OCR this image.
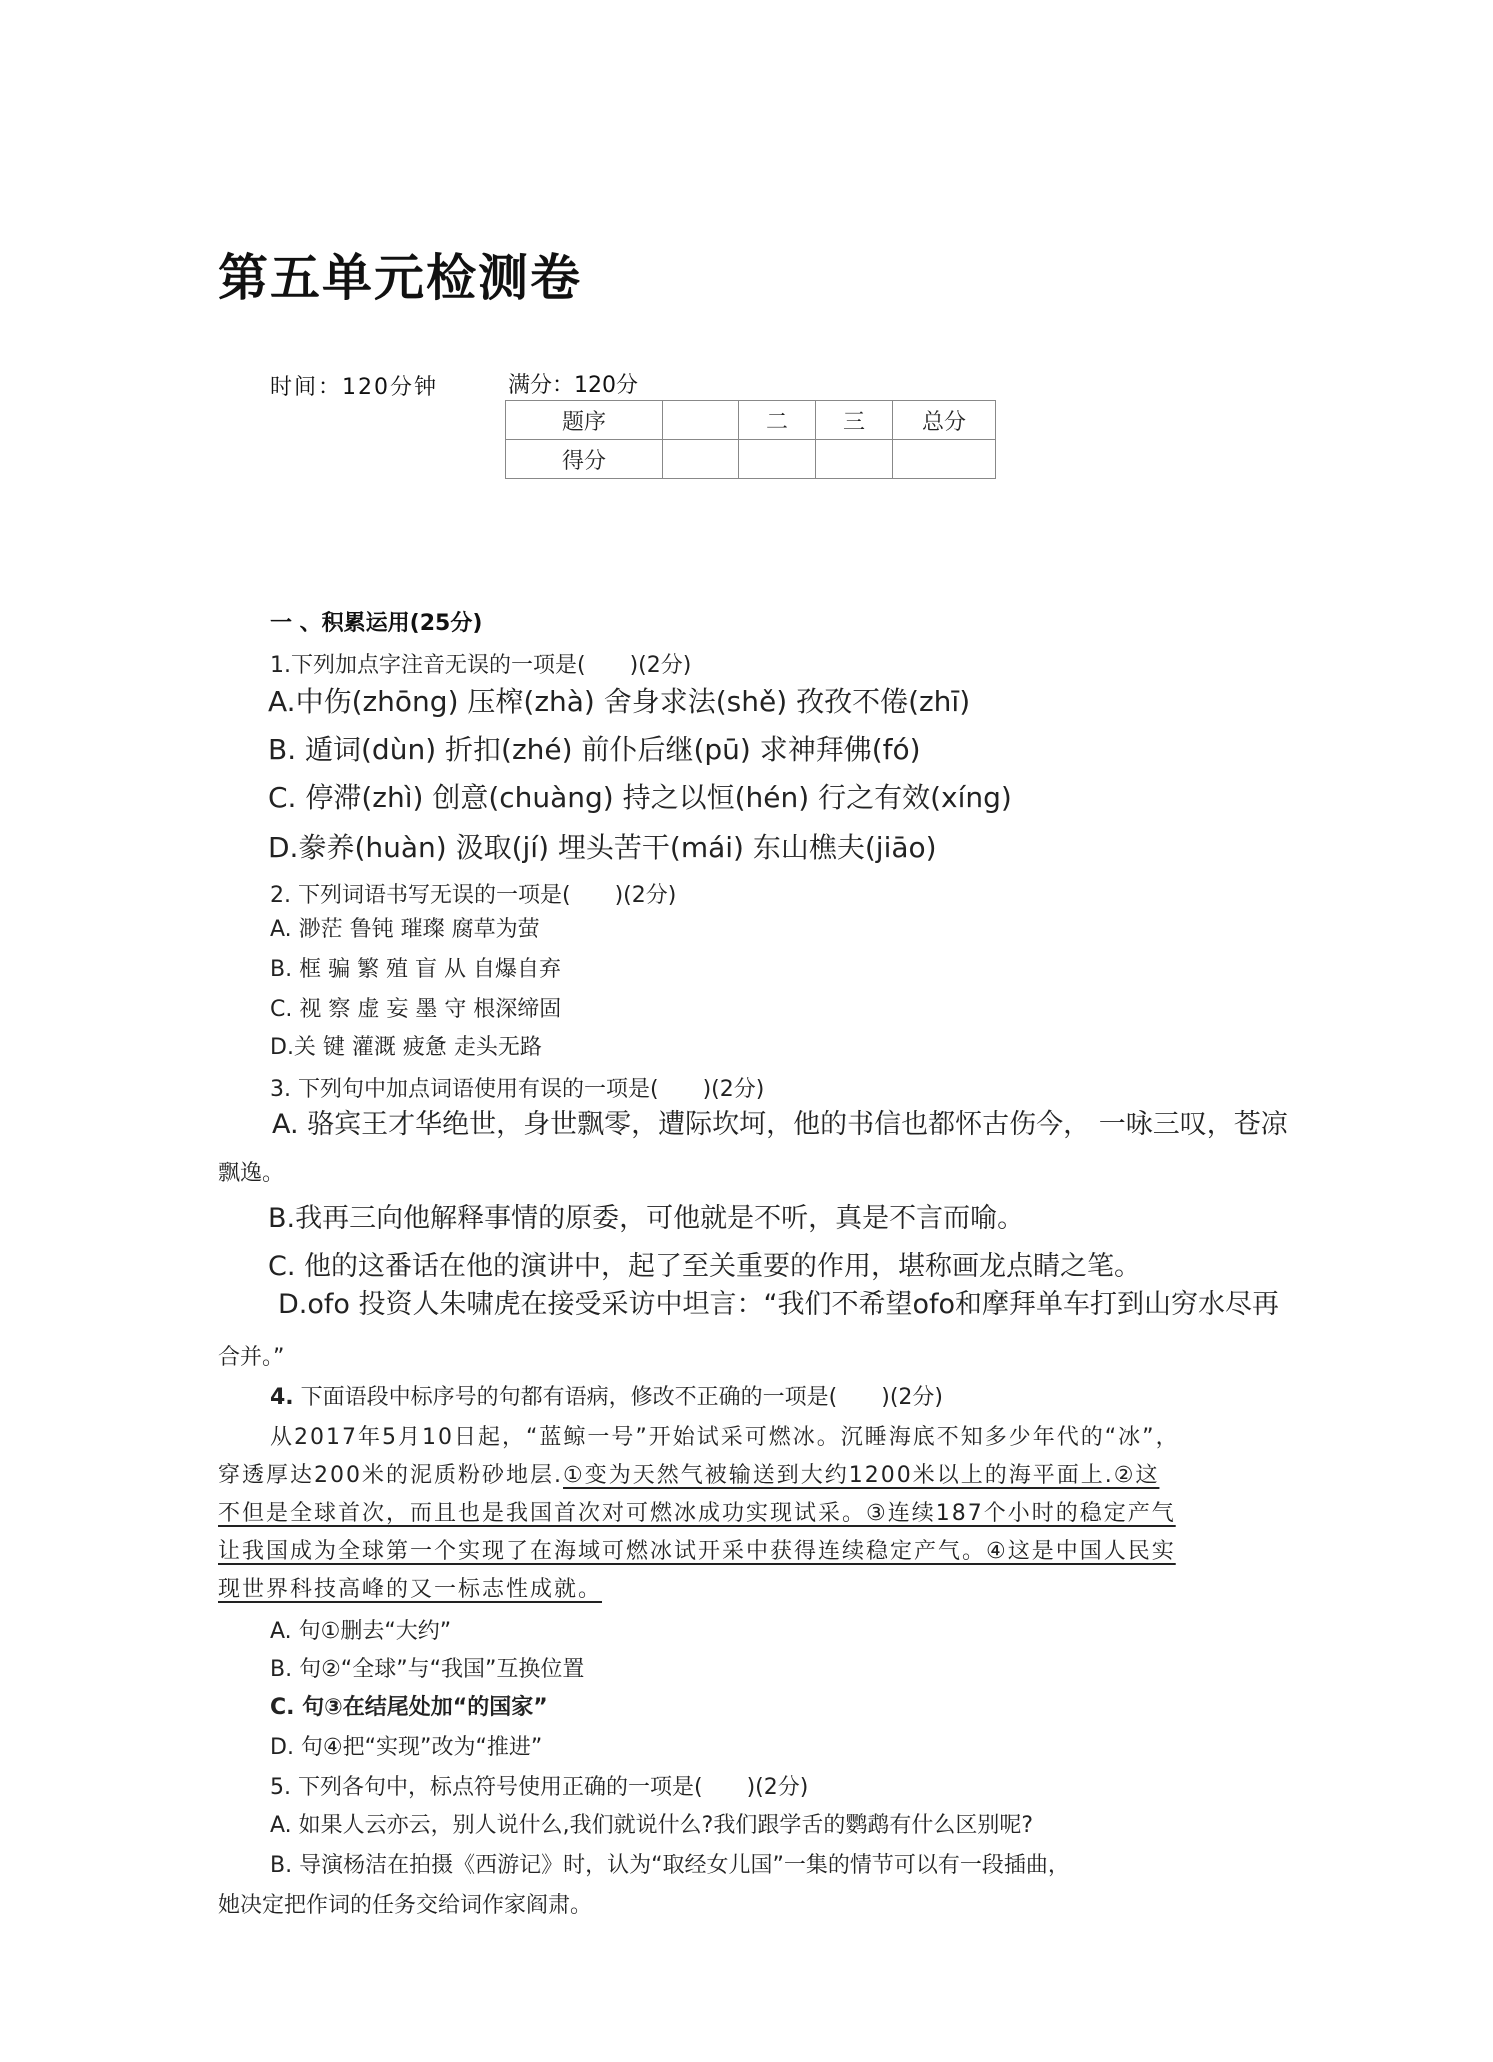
第五单元检测卷
时间：120分钟	满分：120分
题序		二	三	总分
得分				
一 、积累运用(25分)
1.下列加点字注音无误的一项是(　　)(2分)
A.中伤(zhōng) 压榨(zhà) 舍身求法(shě) 孜孜不倦(zhī)
B. 遁词(dùn) 折扣(zhé) 前仆后继(pū) 求神拜佛(fó)
C. 停滞(zhì) 创意(chuàng) 持之以恒(hén) 行之有效(xíng)
D.豢养(huàn) 汲取(jí) 埋头苦干(mái) 东山樵夫(jiāo)
2. 下列词语书写无误的一项是(　　)(2分)
A. 渺茫 鲁钝 璀璨 腐草为萤
B. 框 骗 繁 殖 盲 从 自爆自弃
C. 视 察 虚 妄 墨 守 根深缔固
D.关 键 灌溉 疲惫 走头无路
3. 下列句中加点词语使用有误的一项是(　　)(2分)
A. 骆宾王才华绝世，身世飘零，遭际坎坷，他的书信也都怀古伤今， 一咏三叹，苍凉
飘逸。
B.我再三向他解释事情的原委，可他就是不听，真是不言而喻。
C. 他的这番话在他的演讲中，起了至关重要的作用，堪称画龙点睛之笔。
D.ofo 投资人朱啸虎在接受采访中坦言：“我们不希望ofo和摩拜单车打到山穷水尽再
合并。”
4. 下面语段中标序号的句都有语病，修改不正确的一项是(　　)(2分)
从2017年5月10日起，“蓝鲸一号”开始试采可燃冰。沉睡海底不知多少年代的“冰”，
穿透厚达200米的泥质粉砂地层.①变为天然气被输送到大约1200米以上的海平面上.②这
不但是全球首次，而且也是我国首次对可燃冰成功实现试采。③连续187个小时的稳定产气
让我国成为全球第一个实现了在海域可燃冰试开采中获得连续稳定产气。④这是中国人民实
现世界科技高峰的又一标志性成就。
A. 句①删去“大约”
B. 句②“全球”与“我国”互换位置
C. 句③在结尾处加“的国家”
D. 句④把“实现”改为“推进”
5. 下列各句中，标点符号使用正确的一项是(　　)(2分)
A. 如果人云亦云，别人说什么,我们就说什么?我们跟学舌的鹦鹉有什么区别呢?
B. 导演杨洁在拍摄《西游记》时，认为“取经女儿国”一集的情节可以有一段插曲，
她决定把作词的任务交给词作家阎肃。
